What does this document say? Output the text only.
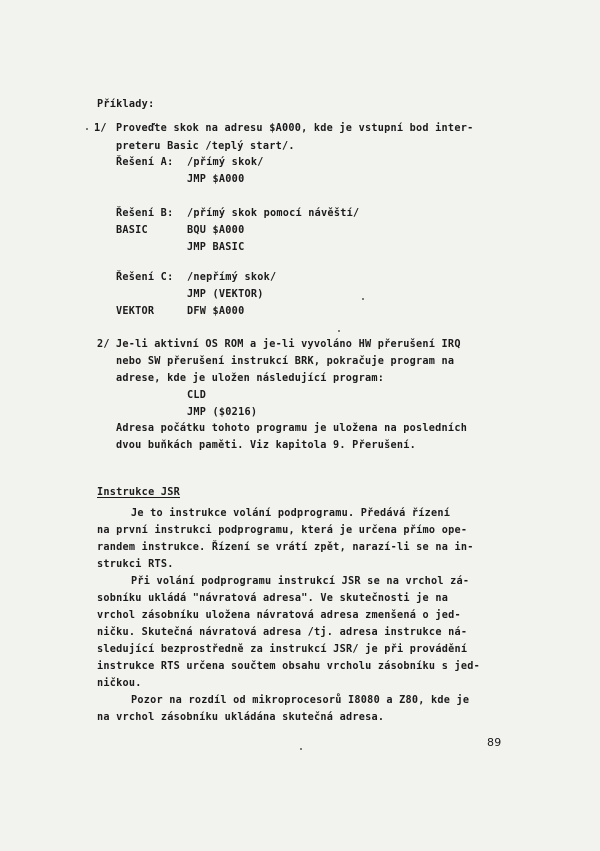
Příklady:
1/ Proveďte skok na adresu $A000, kde je vstupní bod inter-
preteru Basic /teplý start/.
Řešení A: /přímý skok/
JMP $A000
Řešení B: /přímý skok pomocí návěští/
BASIC	BQU $A000
JMP BASIC
Řešení C: /nepřímý skok/
JMP (VEKTOR)
VEKTOR	DFW $A000
2/ Je-li aktivní OS ROM a je-li vyvoláno HW přerušení IRQ
nebo SW přerušení instrukcí BRK, pokračuje program na
adrese, kde je uložen následující program:
CLD
JMP ($0216)
Adresa počátku tohoto programu je uložena na posledních
dvou buňkách paměti. Viz kapitola 9. Přerušení.
Instrukce JSR
Je to instrukce volání podprogramu. Předává řízení
na první instrukci podprogramu, která je určena přímo ope-
randem instrukce. Řízení se vrátí zpět, narazí-li se na in-
strukci RTS.
Při volání podprogramu instrukcí JSR se na vrchol zá-
sobníku ukládá "návratová adresa". Ve skutečnosti je na
vrchol zásobníku uložena návratová adresa zmenšená o jed-
ničku. Skutečná návratová adresa /tj. adresa instrukce ná-
sledující bezprostředně za instrukcí JSR/ je při provádění
instrukce RTS určena součtem obsahu vrcholu zásobníku s jed-
ničkou.
Pozor na rozdíl od mikroprocesorů I8080 a Z80, kde je
na vrchol zásobníku ukládána skutečná adresa.
89
